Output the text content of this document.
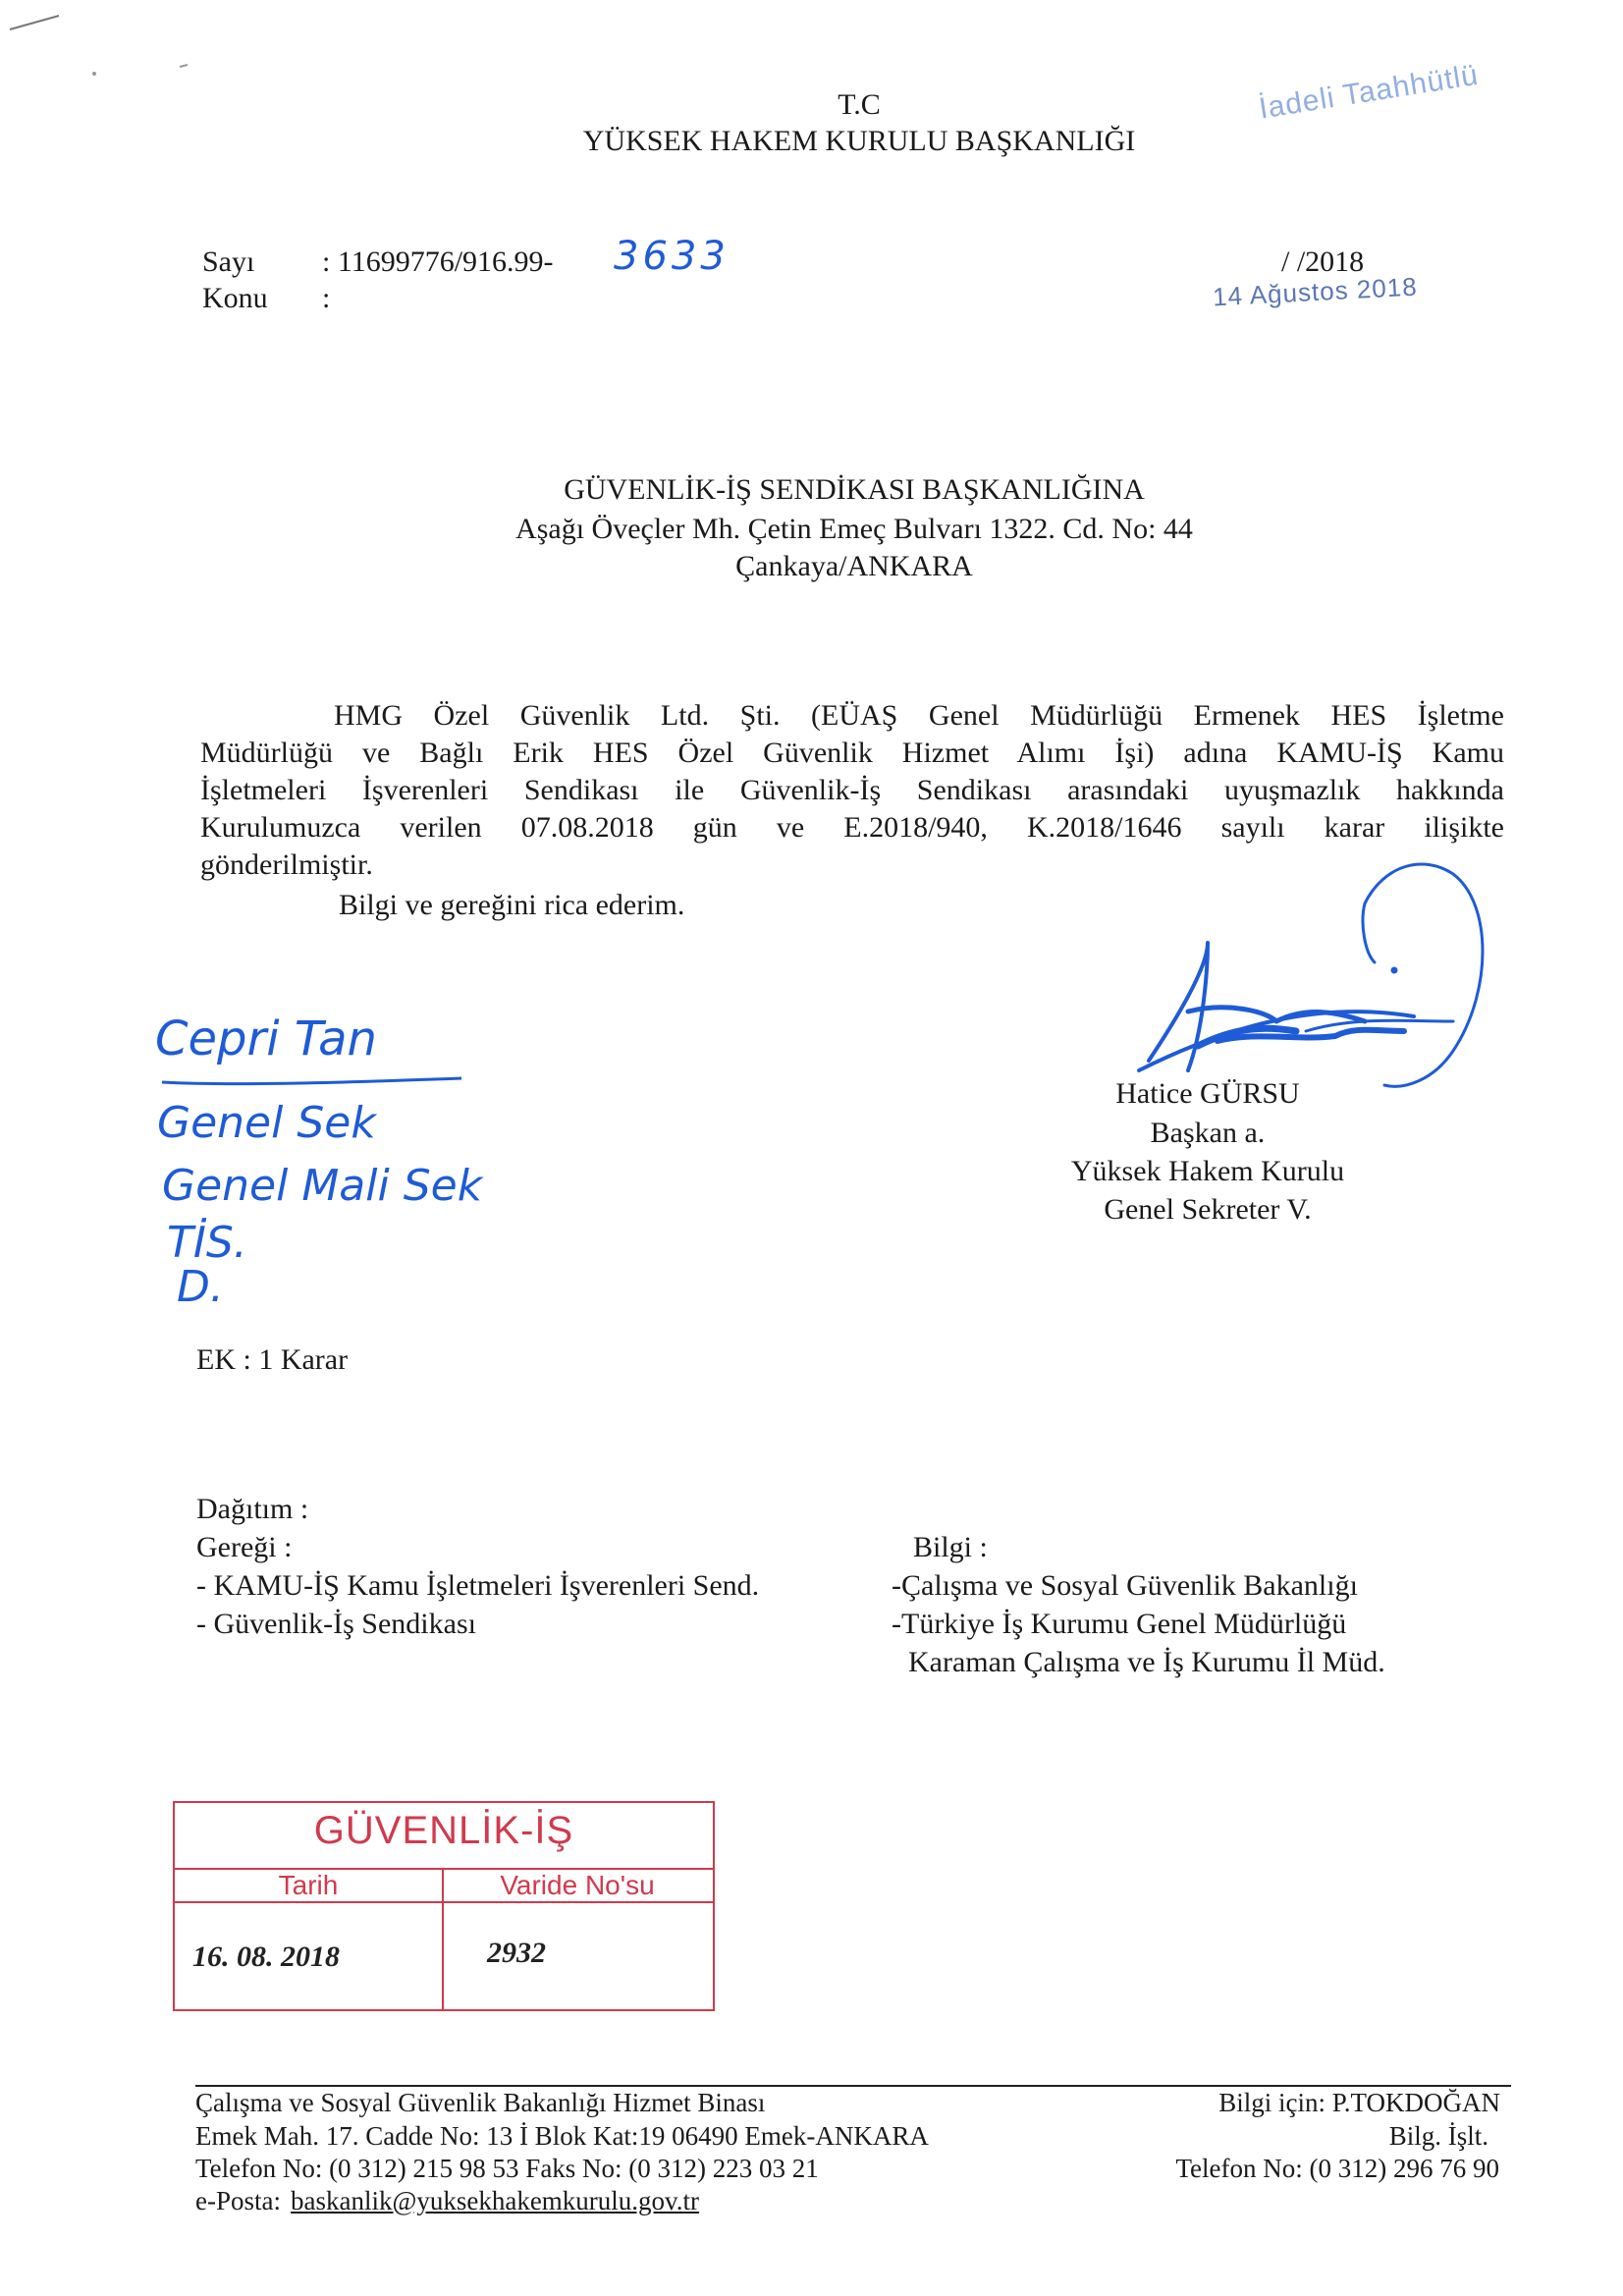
T.C
YÜKSEK HAKEM KURULU BAŞKANLIĞI
İadeli Taahhütlü
Sayı : 11699776/916.99- 3633
Konu :
/ /2018
14 Ağustos 2018
GÜVENLİK-İŞ SENDİKASI BAŞKANLIĞINA
Aşağı Öveçler Mh. Çetin Emeç Bulvarı 1322. Cd. No: 44
Çankaya/ANKARA
HMG Özel Güvenlik Ltd. Şti. (EÜAŞ Genel Müdürlüğü Ermenek HES İşletme
Müdürlüğü ve Bağlı Erik HES Özel Güvenlik Hizmet Alımı İşi) adına KAMU-İŞ Kamu
İşletmeleri İşverenleri Sendikası ile Güvenlik-İş Sendikası arasındaki uyuşmazlık hakkında
Kurulumuzca verilen 07.08.2018 gün ve E.2018/940, K.2018/1646 sayılı karar ilişikte
gönderilmiştir.
Bilgi ve gereğini rica ederim.
Cepri Tan
Genel Sek
Genel Mali Sek
TİS.
D.
Hatice GÜRSU
Başkan a.
Yüksek Hakem Kurulu
Genel Sekreter V.
EK : 1 Karar
Dağıtım :
Gereği :
- KAMU-İŞ Kamu İşletmeleri İşverenleri Send.
- Güvenlik-İş Sendikası
Bilgi :
-Çalışma ve Sosyal Güvenlik Bakanlığı
-Türkiye İş Kurumu Genel Müdürlüğü
Karaman Çalışma ve İş Kurumu İl Müd.
GÜVENLİK-İŞ
Tarih	Varide No'su
16. 08. 2018	2932
Çalışma ve Sosyal Güvenlik Bakanlığı Hizmet Binası
Emek Mah. 17. Cadde No: 13 İ Blok Kat:19 06490 Emek-ANKARA
Telefon No: (0 312) 215 98 53 Faks No: (0 312) 223 03 21
e-Posta: baskanlik@yuksekhakemkurulu.gov.tr
Bilgi için: P.TOKDOĞAN
Bilg. İşlt.
Telefon No: (0 312) 296 76 90
